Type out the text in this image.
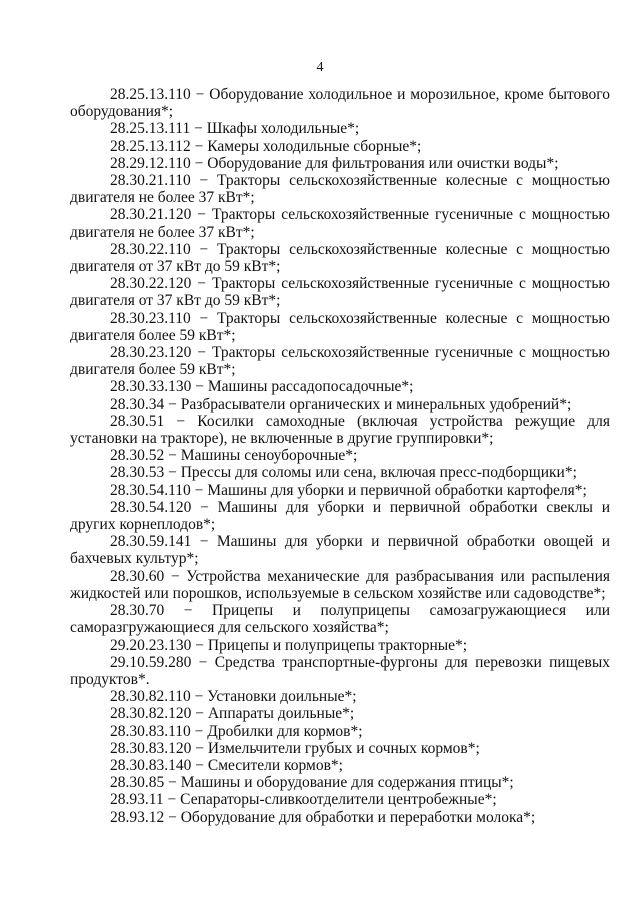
4

28.25.13.110 − Оборудование холодильное и морозильное, кроме бытового оборудования*;

28.25.13.111 − Шкафы холодильные*;

28.25.13.112 − Камеры холодильные сборные*;

28.29.12.110 − Оборудование для фильтрования или очистки воды*;

28.30.21.110 − Тракторы сельскохозяйственные колесные с мощностью двигателя не более 37 кВт*;

28.30.21.120 − Тракторы сельскохозяйственные гусеничные с мощностью двигателя не более 37 кВт*;

28.30.22.110 − Тракторы сельскохозяйственные колесные с мощностью двигателя от 37 кВт до 59 кВт*;

28.30.22.120 − Тракторы сельскохозяйственные гусеничные с мощностью двигателя от 37 кВт до 59 кВт*;

28.30.23.110 − Тракторы сельскохозяйственные колесные с мощностью двигателя более 59 кВт*;

28.30.23.120 − Тракторы сельскохозяйственные гусеничные с мощностью двигателя более 59 кВт*;

28.30.33.130 − Машины рассадопосадочные*;

28.30.34 − Разбрасыватели органических и минеральных удобрений*;

28.30.51 − Косилки самоходные (включая устройства режущие для установки на тракторе), не включенные в другие группировки*;

28.30.52 − Машины сеноуборочные*;

28.30.53 − Прессы для соломы или сена, включая пресс-подборщики*;

28.30.54.110 − Машины для уборки и первичной обработки картофеля*;

28.30.54.120 − Машины для уборки и первичной обработки свеклы и других корнеплодов*;

28.30.59.141 − Машины для уборки и первичной обработки овощей и бахчевых культур*;

28.30.60 − Устройства механические для разбрасывания или распыления жидкостей или порошков, используемые в сельском хозяйстве или садоводстве*;

28.30.70 − Прицепы и полуприцепы самозагружающиеся или саморазгружающиеся для сельского хозяйства*;

29.20.23.130 − Прицепы и полуприцепы тракторные*;

29.10.59.280 − Средства транспортные-фургоны для перевозки пищевых продуктов*.

28.30.82.110 − Установки доильные*;

28.30.82.120 − Аппараты доильные*;

28.30.83.110 − Дробилки для кормов*;

28.30.83.120 − Измельчители грубых и сочных кормов*;

28.30.83.140 − Смесители кормов*;

28.30.85 − Машины и оборудование для содержания птицы*;

28.93.11 − Сепараторы-сливкоотделители центробежные*;

28.93.12 − Оборудование для обработки и переработки молока*;
